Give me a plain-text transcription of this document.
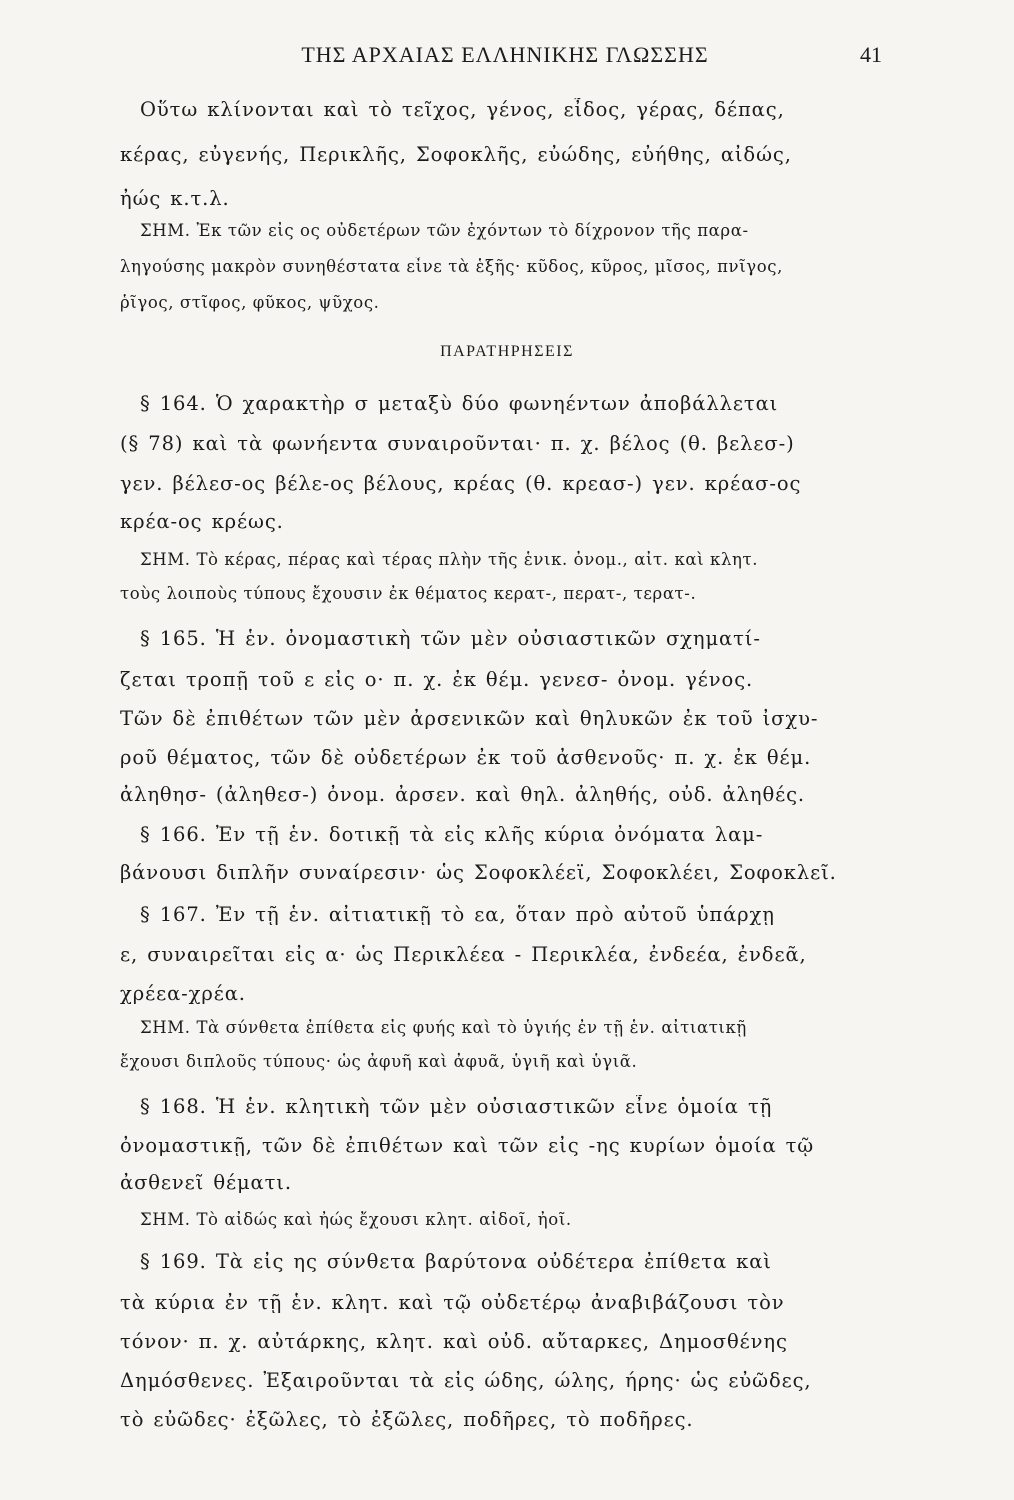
ΤΗΣ ΑΡΧΑΙΑΣ ΕΛΛΗΝΙΚΗΣ ΓΛΩΣΣΗΣ	41
Οὕτω κλίνονται καὶ τὸ τεῖχος, γένος, εἶδος, γέρας, δέπας,
κέρας, εὐγενής, Περικλῆς, Σοφοκλῆς, εὐώδης, εὐήθης, αἰδώς,
ἠώς κ.τ.λ.
ΣΗΜ. Ἐκ τῶν εἰς ος οὐδετέρων τῶν ἐχόντων τὸ δίχρονον τῆς παρα-
ληγούσης μακρὸν συνηθέστατα εἶνε τὰ ἑξῆς· κῦδος, κῦρος, μῖσος, πνῖγος,
ῥῖγος, στῖφος, φῦκος, ψῦχος.
ΠΑΡΑΤΗΡΗΣΕΙΣ
§ 164. Ὁ χαρακτὴρ σ μεταξὺ δύο φωνηέντων ἀποβάλλεται
(§ 78) καὶ τὰ φωνήεντα συναιροῦνται· π. χ. βέλος (θ. βελεσ-)
γεν. βέλεσ-ος βέλε-ος βέλους, κρέας (θ. κρεασ-) γεν. κρέασ-ος
κρέα-ος κρέως.
ΣΗΜ. Τὸ κέρας, πέρας καὶ τέρας πλὴν τῆς ἑνικ. ὀνομ., αἰτ. καὶ κλητ.
τοὺς λοιποὺς τύπους ἔχουσιν ἐκ θέματος κερατ-, περατ-, τερατ-.
§ 165. Ἡ ἑν. ὀνομαστικὴ τῶν μὲν οὐσιαστικῶν σχηματί-
ζεται τροπῇ τοῦ ε εἰς ο· π. χ. ἐκ θέμ. γενεσ- ὀνομ. γένος.
Τῶν δὲ ἐπιθέτων τῶν μὲν ἀρσενικῶν καὶ θηλυκῶν ἐκ τοῦ ἰσχυ-
ροῦ θέματος, τῶν δὲ οὐδετέρων ἐκ τοῦ ἀσθενοῦς· π. χ. ἐκ θέμ.
ἀληθησ- (ἀληθεσ-) ὀνομ. ἀρσεν. καὶ θηλ. ἀληθής, οὐδ. ἀληθές.
§ 166. Ἐν τῇ ἑν. δοτικῇ τὰ εἰς κλῆς κύρια ὀνόματα λαμ-
βάνουσι διπλῆν συναίρεσιν· ὡς Σοφοκλέεϊ, Σοφοκλέει, Σοφοκλεῖ.
§ 167. Ἐν τῇ ἑν. αἰτιατικῇ τὸ εα, ὅταν πρὸ αὐτοῦ ὑπάρχῃ
ε, συναιρεῖται εἰς α· ὡς Περικλέεα - Περικλέα, ἐνδεέα, ἐνδεᾶ,
χρέεα-χρέα.
ΣΗΜ. Τὰ σύνθετα ἐπίθετα εἰς φυής καὶ τὸ ὑγιής ἐν τῇ ἑν. αἰτιατικῇ
ἔχουσι διπλοῦς τύπους· ὡς ἀφυῆ καὶ ἀφυᾶ, ὑγιῆ καὶ ὑγιᾶ.
§ 168. Ἡ ἑν. κλητικὴ τῶν μὲν οὐσιαστικῶν εἶνε ὁμοία τῇ
ὀνομαστικῇ, τῶν δὲ ἐπιθέτων καὶ τῶν εἰς -ης κυρίων ὁμοία τῷ
ἀσθενεῖ θέματι.
ΣΗΜ. Τὸ αἰδώς καὶ ἠώς ἔχουσι κλητ. αἰδοῖ, ἠοῖ.
§ 169. Τὰ εἰς ης σύνθετα βαρύτονα οὐδέτερα ἐπίθετα καὶ
τὰ κύρια ἐν τῇ ἑν. κλητ. καὶ τῷ οὐδετέρῳ ἀναβιβάζουσι τὸν
τόνον· π. χ. αὐτάρκης, κλητ. καὶ οὐδ. αὔταρκες, Δημοσθένης
Δημόσθενες. Ἐξαιροῦνται τὰ εἰς ώδης, ώλης, ήρης· ὡς εὐῶδες,
τὸ εὐῶδες· ἐξῶλες, τὸ ἐξῶλες, ποδῆρες, τὸ ποδῆρες.
